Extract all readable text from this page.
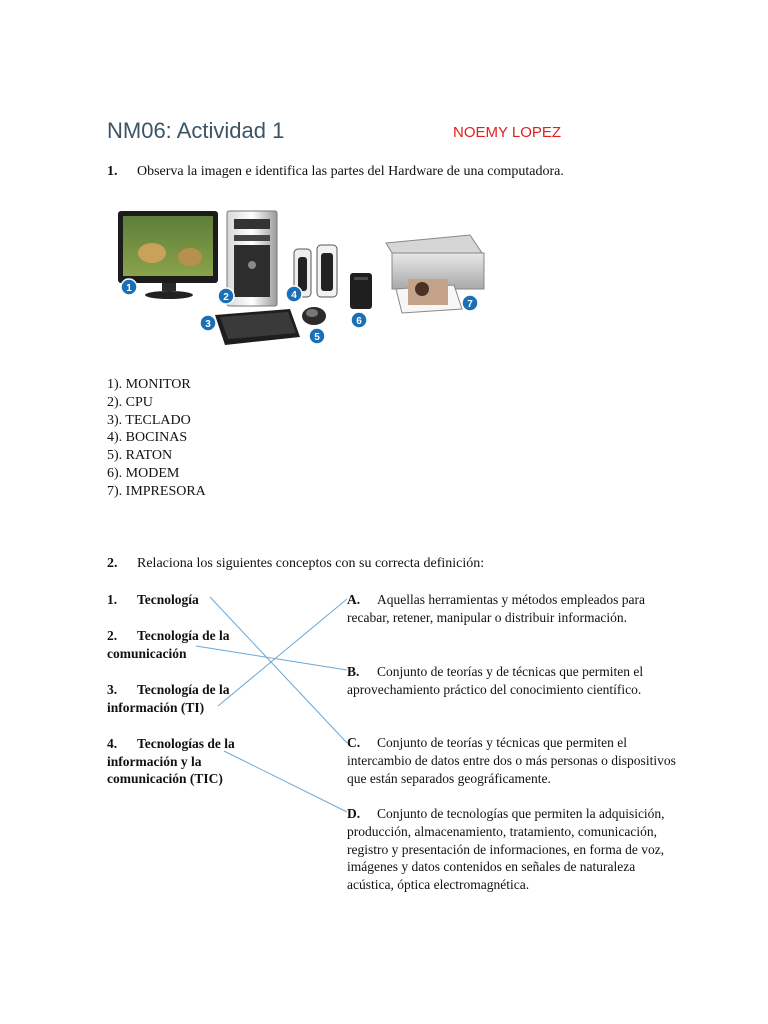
NM06: Actividad 1	NOEMY LOPEZ
1. Observa la imagen e identifica las partes del Hardware de una computadora.
1
2
3
4
5
6
7
1). MONITOR
2). CPU
3). TECLADO
4). BOCINAS
5). RATON
6). MODEM
7). IMPRESORA
2. Relaciona los siguientes conceptos con su correcta definición:
1. Tecnología
2. Tecnología de la comunicación
3. Tecnología de la información (TI)
4. Tecnologías de la información y la comunicación (TIC)
A. Aquellas herramientas y métodos empleados para recabar, retener, manipular o distribuir información.
B. Conjunto de teorías y de técnicas que permiten el aprovechamiento práctico del conocimiento científico.
C. Conjunto de teorías y técnicas que permiten el intercambio de datos entre dos o más personas o dispositivos que están separados geográficamente.
D. Conjunto de tecnologías que permiten la adquisición, producción, almacenamiento, tratamiento, comunicación, registro y presentación de informaciones, en forma de voz, imágenes y datos contenidos en señales de naturaleza acústica, óptica electromagnética.
